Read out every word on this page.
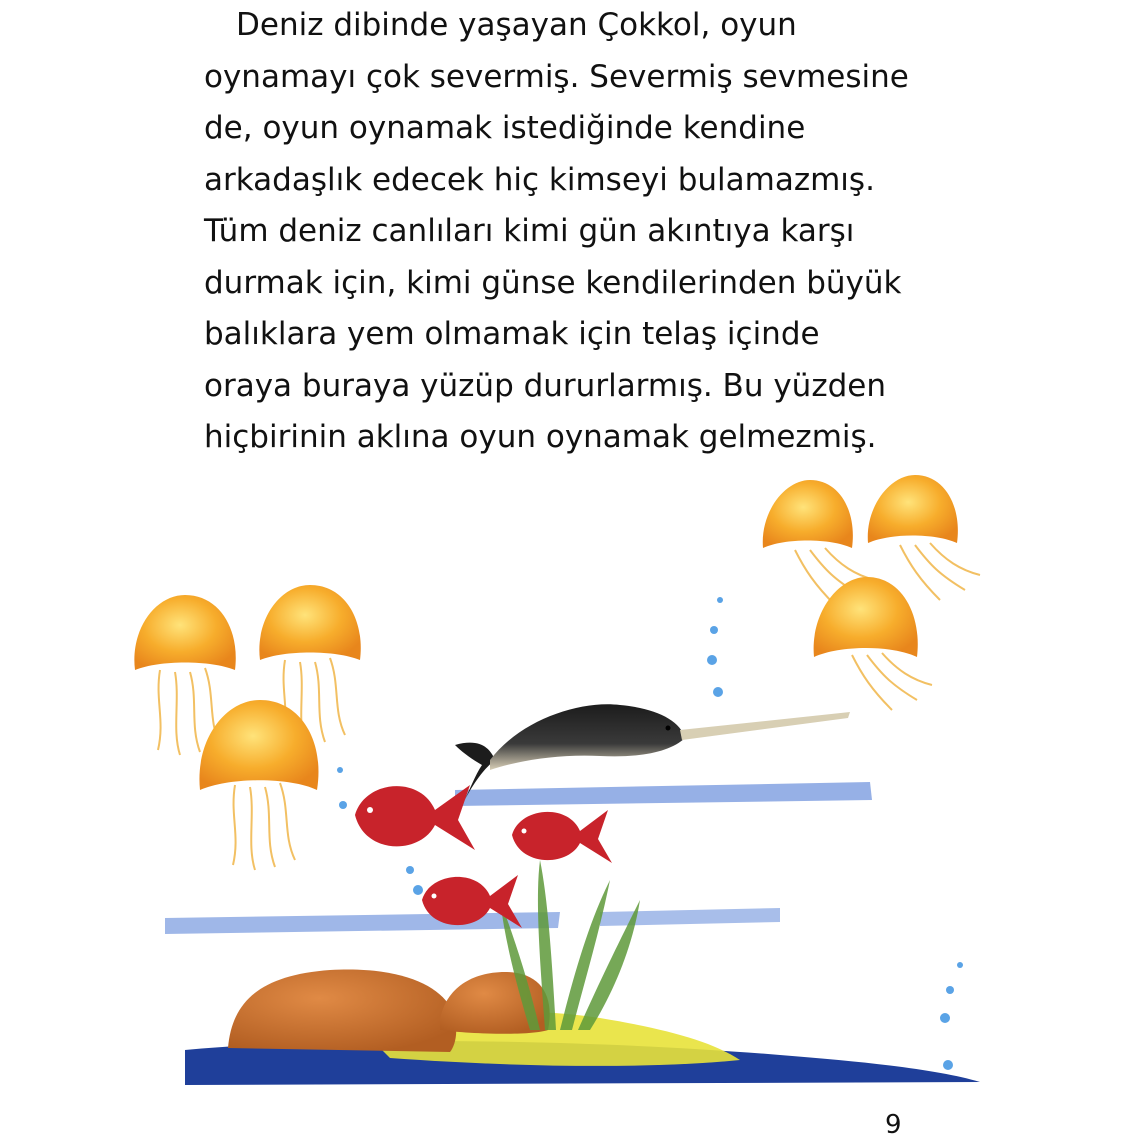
Deniz dibinde yaşayan Çokkol, oyun
oynamayı çok severmiş. Severmiş sevmesine
de, oyun oynamak istediğinde kendine
arkadaşlık edecek hiç kimseyi bulamazmış.
Tüm deniz canlıları kimi gün akıntıya karşı
durmak için, kimi günse kendilerinden büyük
balıklara yem olmamak için telaş içinde
oraya buraya yüzüp dururlarmış. Bu yüzden
hiçbirinin aklına oyun oynamak gelmezmiş.

9
